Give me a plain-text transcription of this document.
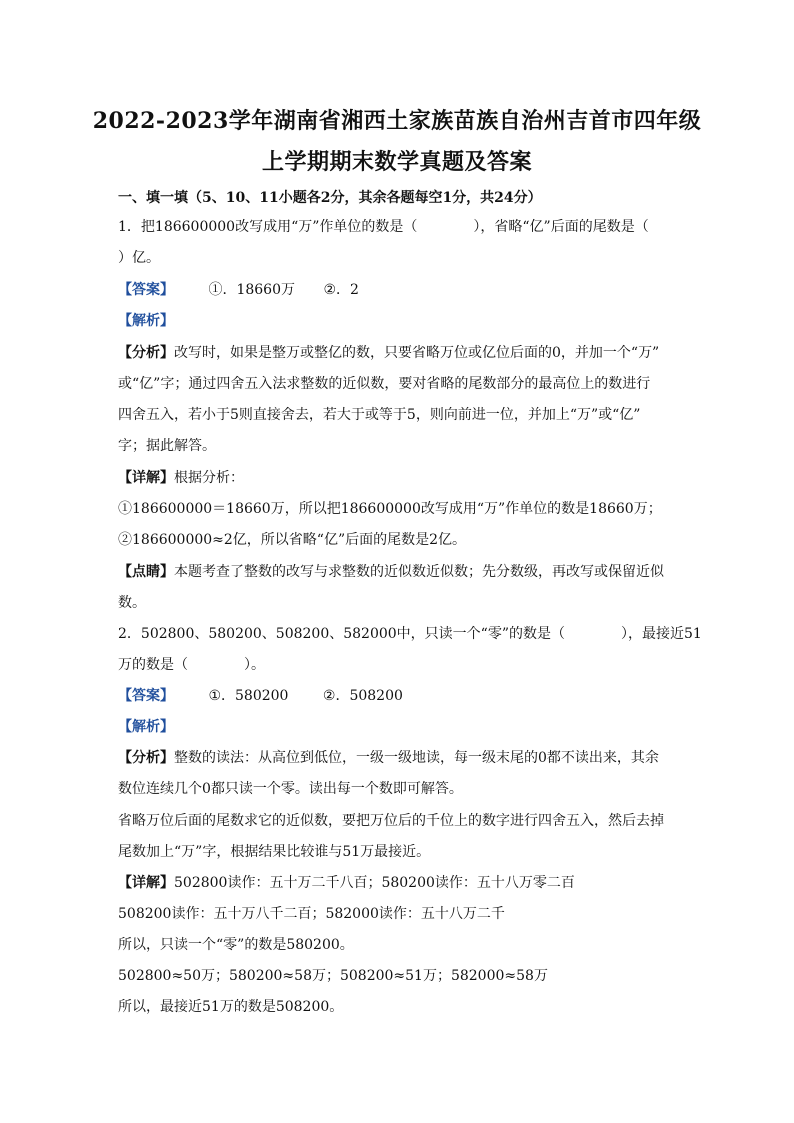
2022-2023学年湖南省湘西土家族苗族自治州吉首市四年级
上学期期末数学真题及答案
一、填一填（5、10、11小题各2分，其余各题每空1分，共24分）
1．把186600000改写成用“万”作单位的数是（　　　　），省略“亿”后面的尾数是（
）亿。
【答案】 ①．18660万 ②．2
【解析】
【分析】改写时，如果是整万或整亿的数，只要省略万位或亿位后面的0，并加一个“万”
或“亿”字；通过四舍五入法求整数的近似数，要对省略的尾数部分的最高位上的数进行
四舍五入，若小于5则直接舍去，若大于或等于5，则向前进一位，并加上“万”或“亿”
字；据此解答。
【详解】根据分析：
①186600000＝18660万，所以把186600000改写成用“万”作单位的数是18660万；
②186600000≈2亿，所以省略“亿”后面的尾数是2亿。
【点睛】本题考查了整数的改写与求整数的近似数近似数；先分数级，再改写或保留近似
数。
2．502800、580200、508200、582000中，只读一个“零”的数是（　　　　），最接近51
万的数是（　　　　）。
【答案】 ①．580200 ②．508200
【解析】
【分析】整数的读法：从高位到低位，一级一级地读，每一级末尾的0都不读出来，其余
数位连续几个0都只读一个零。读出每一个数即可解答。
省略万位后面的尾数求它的近似数，要把万位后的千位上的数字进行四舍五入，然后去掉
尾数加上“万”字，根据结果比较谁与51万最接近。
【详解】502800读作：五十万二千八百；580200读作：五十八万零二百
508200读作：五十万八千二百；582000读作：五十八万二千
所以，只读一个“零”的数是580200。
502800≈50万；580200≈58万；508200≈51万；582000≈58万
所以，最接近51万的数是508200。
